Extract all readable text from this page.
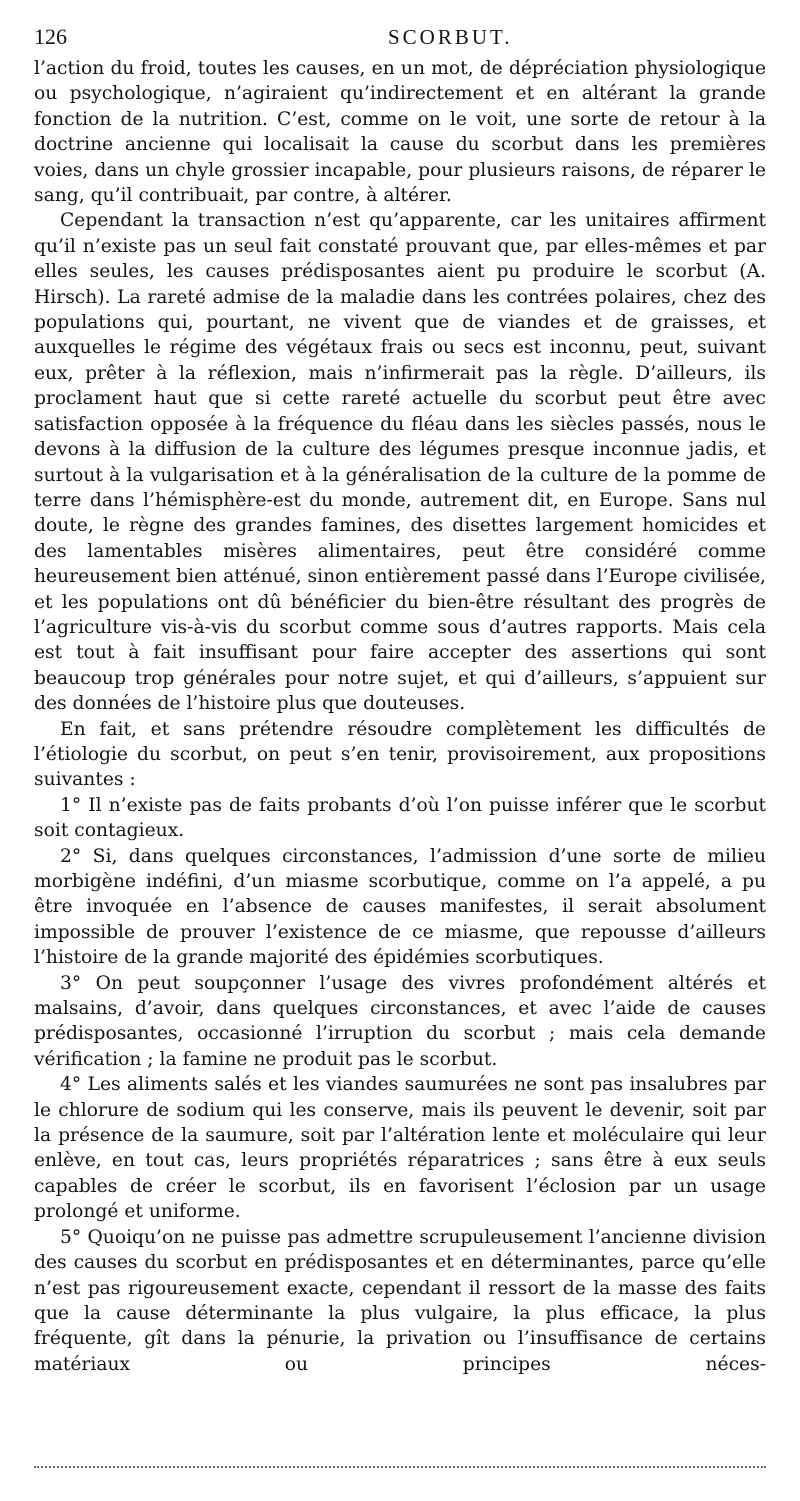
126	SCORBUT.

l’action du froid, toutes les causes, en un mot, de dépréciation physiologique ou psychologique, n’agiraient qu’indirectement et en altérant la grande fonction de la nutrition. C’est, comme on le voit, une sorte de retour à la doctrine ancienne qui localisait la cause du scorbut dans les premières voies, dans un chyle grossier incapable, pour plusieurs raisons, de réparer le sang, qu’il contribuait, par contre, à altérer.

Cependant la transaction n’est qu’apparente, car les unitaires affirment qu’il n’existe pas un seul fait constaté prouvant que, par elles-mêmes et par elles seules, les causes prédisposantes aient pu produire le scorbut (A. Hirsch). La rareté admise de la maladie dans les contrées polaires, chez des populations qui, pourtant, ne vivent que de viandes et de graisses, et auxquelles le régime des végétaux frais ou secs est inconnu, peut, suivant eux, prêter à la réflexion, mais n’infirmerait pas la règle. D’ailleurs, ils proclament haut que si cette rareté actuelle du scorbut peut être avec satisfaction opposée à la fréquence du fléau dans les siècles passés, nous le devons à la diffusion de la culture des légumes presque inconnue jadis, et surtout à la vulgarisation et à la généralisation de la culture de la pomme de terre dans l’hémisphère-est du monde, autrement dit, en Europe. Sans nul doute, le règne des grandes famines, des disettes largement homicides et des lamentables misères alimentaires, peut être considéré comme heureusement bien atténué, sinon entièrement passé dans l’Europe civilisée, et les populations ont dû bénéficier du bien-être résultant des progrès de l’agriculture vis-à-vis du scorbut comme sous d’autres rapports. Mais cela est tout à fait insuffisant pour faire accepter des assertions qui sont beaucoup trop générales pour notre sujet, et qui d’ailleurs, s’appuient sur des données de l’histoire plus que douteuses.

En fait, et sans prétendre résoudre complètement les difficultés de l’étiologie du scorbut, on peut s’en tenir, provisoirement, aux propositions suivantes :

1° Il n’existe pas de faits probants d’où l’on puisse inférer que le scorbut soit contagieux.

2° Si, dans quelques circonstances, l’admission d’une sorte de milieu morbigène indéfini, d’un miasme scorbutique, comme on l’a appelé, a pu être invoquée en l’absence de causes manifestes, il serait absolument impossible de prouver l’existence de ce miasme, que repousse d’ailleurs l’histoire de la grande majorité des épidémies scorbutiques.

3° On peut soupçonner l’usage des vivres profondément altérés et malsains, d’avoir, dans quelques circonstances, et avec l’aide de causes prédisposantes, occasionné l’irruption du scorbut ; mais cela demande vérification ; la famine ne produit pas le scorbut.

4° Les aliments salés et les viandes saumurées ne sont pas insalubres par le chlorure de sodium qui les conserve, mais ils peuvent le devenir, soit par la présence de la saumure, soit par l’altération lente et moléculaire qui leur enlève, en tout cas, leurs propriétés réparatrices ; sans être à eux seuls capables de créer le scorbut, ils en favorisent l’éclosion par un usage prolongé et uniforme.

5° Quoiqu’on ne puisse pas admettre scrupuleusement l’ancienne division des causes du scorbut en prédisposantes et en déterminantes, parce qu’elle n’est pas rigoureusement exacte, cependant il ressort de la masse des faits que la cause déterminante la plus vulgaire, la plus efficace, la plus fréquente, gît dans la pénurie, la privation ou l’insuffisance de certains matériaux ou principes néces-
